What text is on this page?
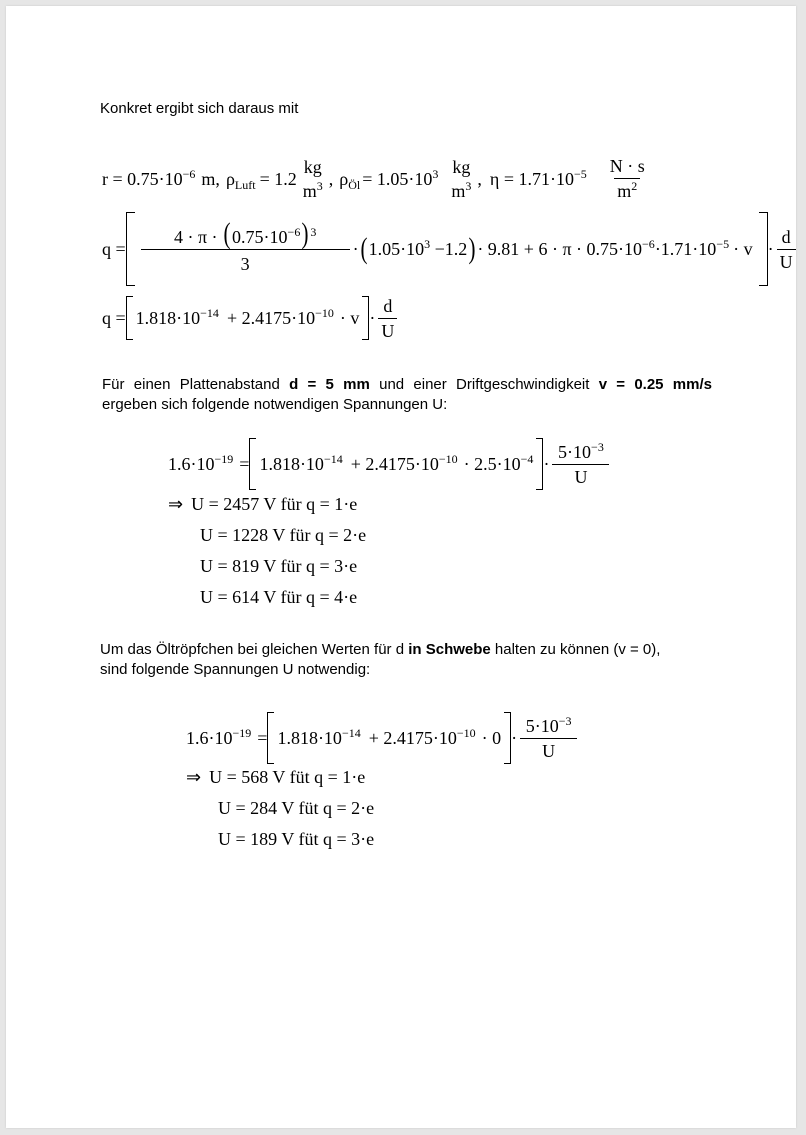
Konkret ergibt sich daraus mit

$r = 0.75\cdot 10^{-6}$ m, $\rho_{Luft} = 1.2$
kg
$m^3$ , $\rho_{Öl} = 1.05\cdot 10^3$ kg
$m^3$ , $\eta = 1.71\cdot 10^{-5} \frac{N \cdot s}{m^2}$
$q = \frac{4 \cdot \pi \cdot (0.75\cdot 10^{-6}) ^3}{3}$ · ( $1.05\cdot 10^3 -1.2$ ) · $9.81 + 6 \cdot \pi \cdot 0.75\cdot 10^{-6}\cdot 1.71\cdot 10^{-5} \cdot v \cdot \frac{d}{U}$
$q = 1.818\cdot 10^{-14} + 2.4175\cdot 10^{-10} \cdot v \cdot \frac{d}{U}$

Für einen Plattenabstand d = 5 mm und einer Driftgeschwindigkeit v = 0.25 mm/s

ergeben sich folgende notwendigen Spannungen U:

$1.6\cdot 10^{-19} = 1.818\cdot 10^{-14} + 2.4175\cdot 10^{-10} \cdot 2.5\cdot 10^{-4} \cdot \frac{5\cdot 10^{-3}}{U}$
⇒ U = 2457 V für q = 1·e
U = 1228 V für q = 2·e
U = 819 V für q = 3·e
U = 614 V für q = 4·e

Um das Öltröpfchen bei gleichen Werten für d in Schwebe halten zu können (v = 0),

sind folgende Spannungen U notwendig:

$1.6\cdot 10^{-19} = 1.818\cdot 10^{-14} + 2.4175\cdot 10^{-10} \cdot 0 \cdot \frac{5\cdot 10^{-3}}{U}$
⇒ U = 568 V füt q = 1·e
U = 284 V füt q = 2·e
U = 189 V füt q = 3·e
